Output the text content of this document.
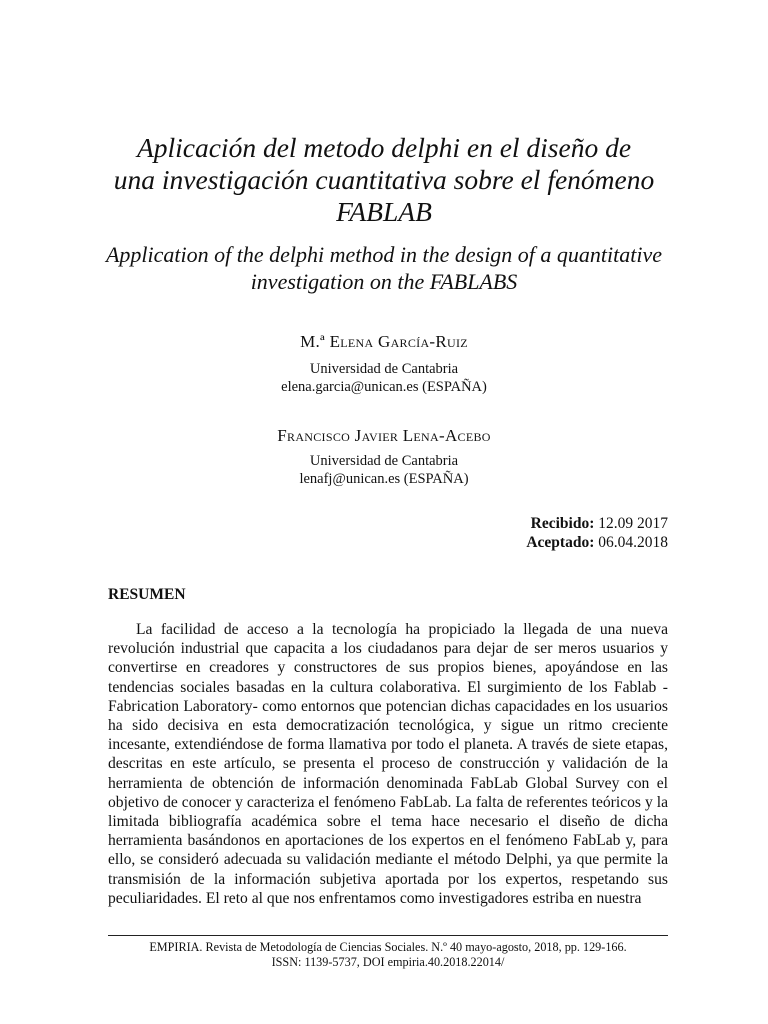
Aplicación del metodo delphi en el diseño de
una investigación cuantitativa sobre el fenómeno
FABLAB
Application of the delphi method in the design of a quantitative
investigation on the FABLABS
M.ª Elena García-Ruiz
Universidad de Cantabria
elena.garcia@unican.es (ESPAÑA)
Francisco Javier Lena-Acebo
Universidad de Cantabria
lenafj@unican.es (ESPAÑA)
Recibido: 12.09 2017
Aceptado: 06.04.2018
RESUMEN

La facilidad de acceso a la tecnología ha propiciado la llegada de una nueva revolución industrial que capacita a los ciudadanos para dejar de ser meros usuarios y convertirse en creadores y constructores de sus propios bienes, apoyándose en las tendencias sociales basadas en la cultura colaborativa. El surgimiento de los Fablab -Fabrication Laboratory- como entornos que potencian dichas capacidades en los usuarios ha sido decisiva en esta democratización tecnológica, y sigue un ritmo creciente incesante, extendiéndose de forma llamativa por todo el planeta. A través de siete etapas, descritas en este artículo, se presenta el proceso de construcción y validación de la herramienta de obtención de información denominada FabLab Global Survey con el objetivo de conocer y caracteriza el fenómeno FabLab. La falta de referentes teóricos y la limitada bibliografía académica sobre el tema hace necesario el diseño de dicha herramienta basándonos en aportaciones de los expertos en el fenómeno FabLab y, para ello, se consideró adecuada su validación mediante el método Delphi, ya que permite la transmisión de la información subjetiva aportada por los expertos, respetando sus peculiaridades. El reto al que nos enfrentamos como investigadores estriba en nuestra

EMPIRIA. Revista de Metodología de Ciencias Sociales. N.º 40 mayo-agosto, 2018, pp. 129-166.
ISSN: 1139-5737, DOI empiria.40.2018.22014/
